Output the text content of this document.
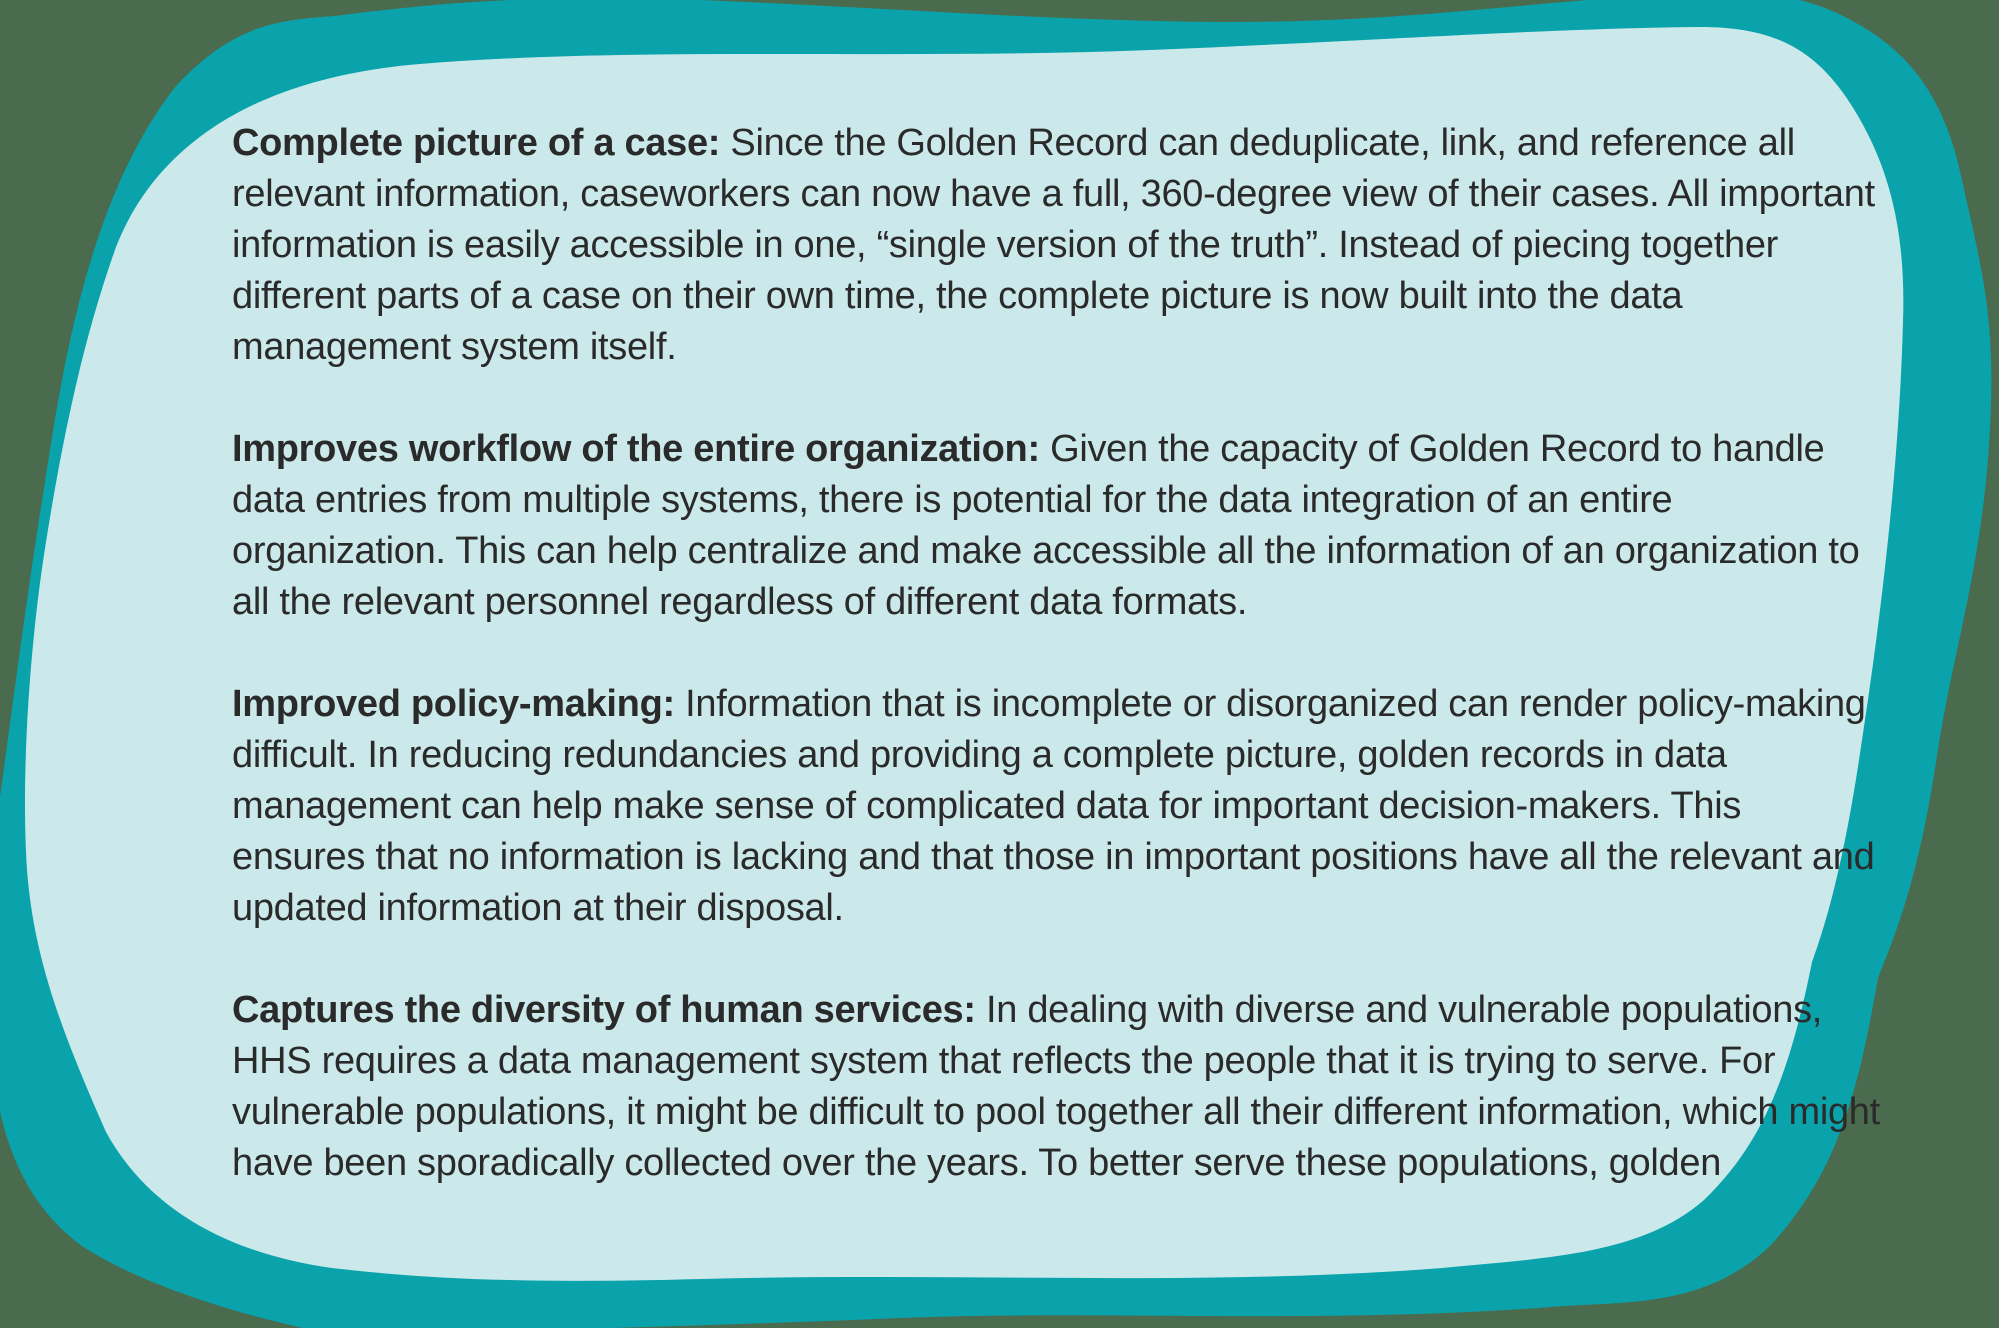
Complete picture of a case: Since the Golden Record can deduplicate, link, and reference all relevant information, caseworkers can now have a full, 360-degree view of their cases. All important information is easily accessible in one, “single version of the truth”. Instead of piecing together different parts of a case on their own time, the complete picture is now built into the data management system itself.

Improves workflow of the entire organization: Given the capacity of Golden Record to handle data entries from multiple systems, there is potential for the data integration of an entire organization. This can help centralize and make accessible all the information of an organization to all the relevant personnel regardless of different data formats.

Improved policy-making: Information that is incomplete or disorganized can render policy-making difficult. In reducing redundancies and providing a complete picture, golden records in data management can help make sense of complicated data for important decision-makers. This ensures that no information is lacking and that those in important positions have all the relevant and updated information at their disposal.

Captures the diversity of human services: In dealing with diverse and vulnerable populations, HHS requires a data management system that reflects the people that it is trying to serve. For vulnerable populations, it might be difficult to pool together all their different information, which might have been sporadically collected over the years. To better serve these populations, golden
